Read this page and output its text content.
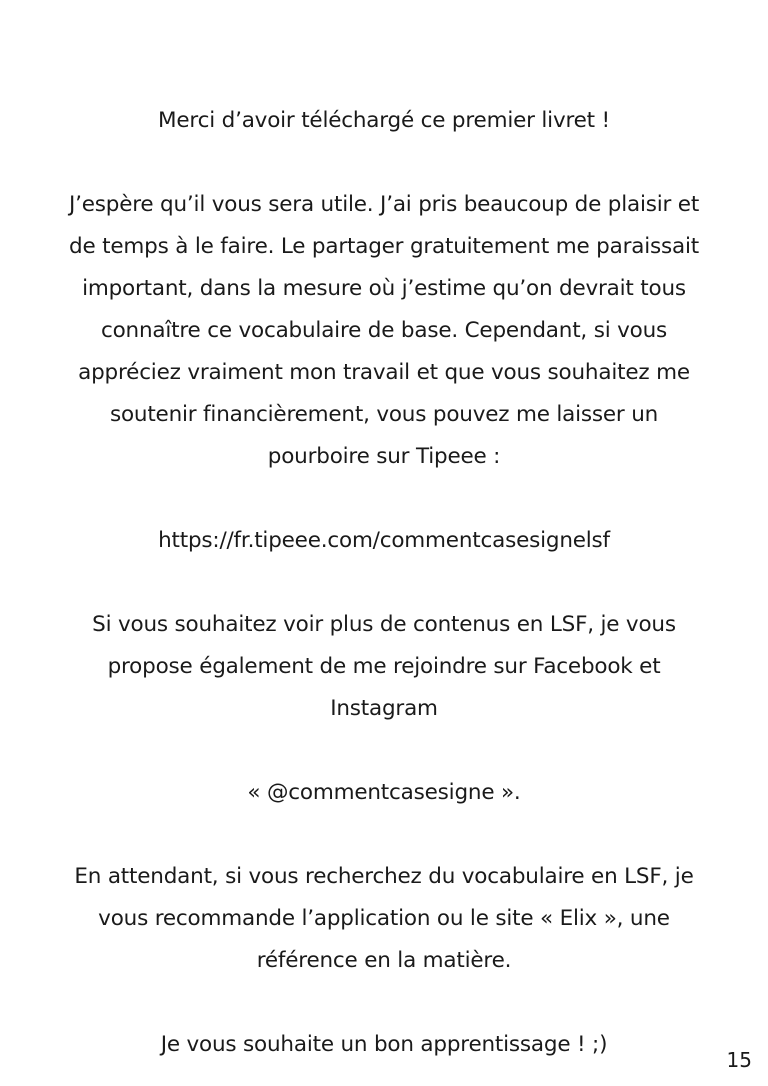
Merci d’avoir téléchargé ce premier livret !

J’espère qu’il vous sera utile. J’ai pris beaucoup de plaisir et de temps à le faire. Le partager gratuitement me paraissait important, dans la mesure où j’estime qu’on devrait tous connaître ce vocabulaire de base. Cependant, si vous appréciez vraiment mon travail et que vous souhaitez me soutenir financièrement, vous pouvez me laisser un pourboire sur Tipeee :

https://fr.tipeee.com/commentcasesignelsf

Si vous souhaitez voir plus de contenus en LSF, je vous propose également de me rejoindre sur Facebook et Instagram

« @commentcasesigne ».

En attendant, si vous recherchez du vocabulaire en LSF, je vous recommande l’application ou le site « Elix », une référence en la matière.

Je vous souhaite un bon apprentissage ! ;)

15
